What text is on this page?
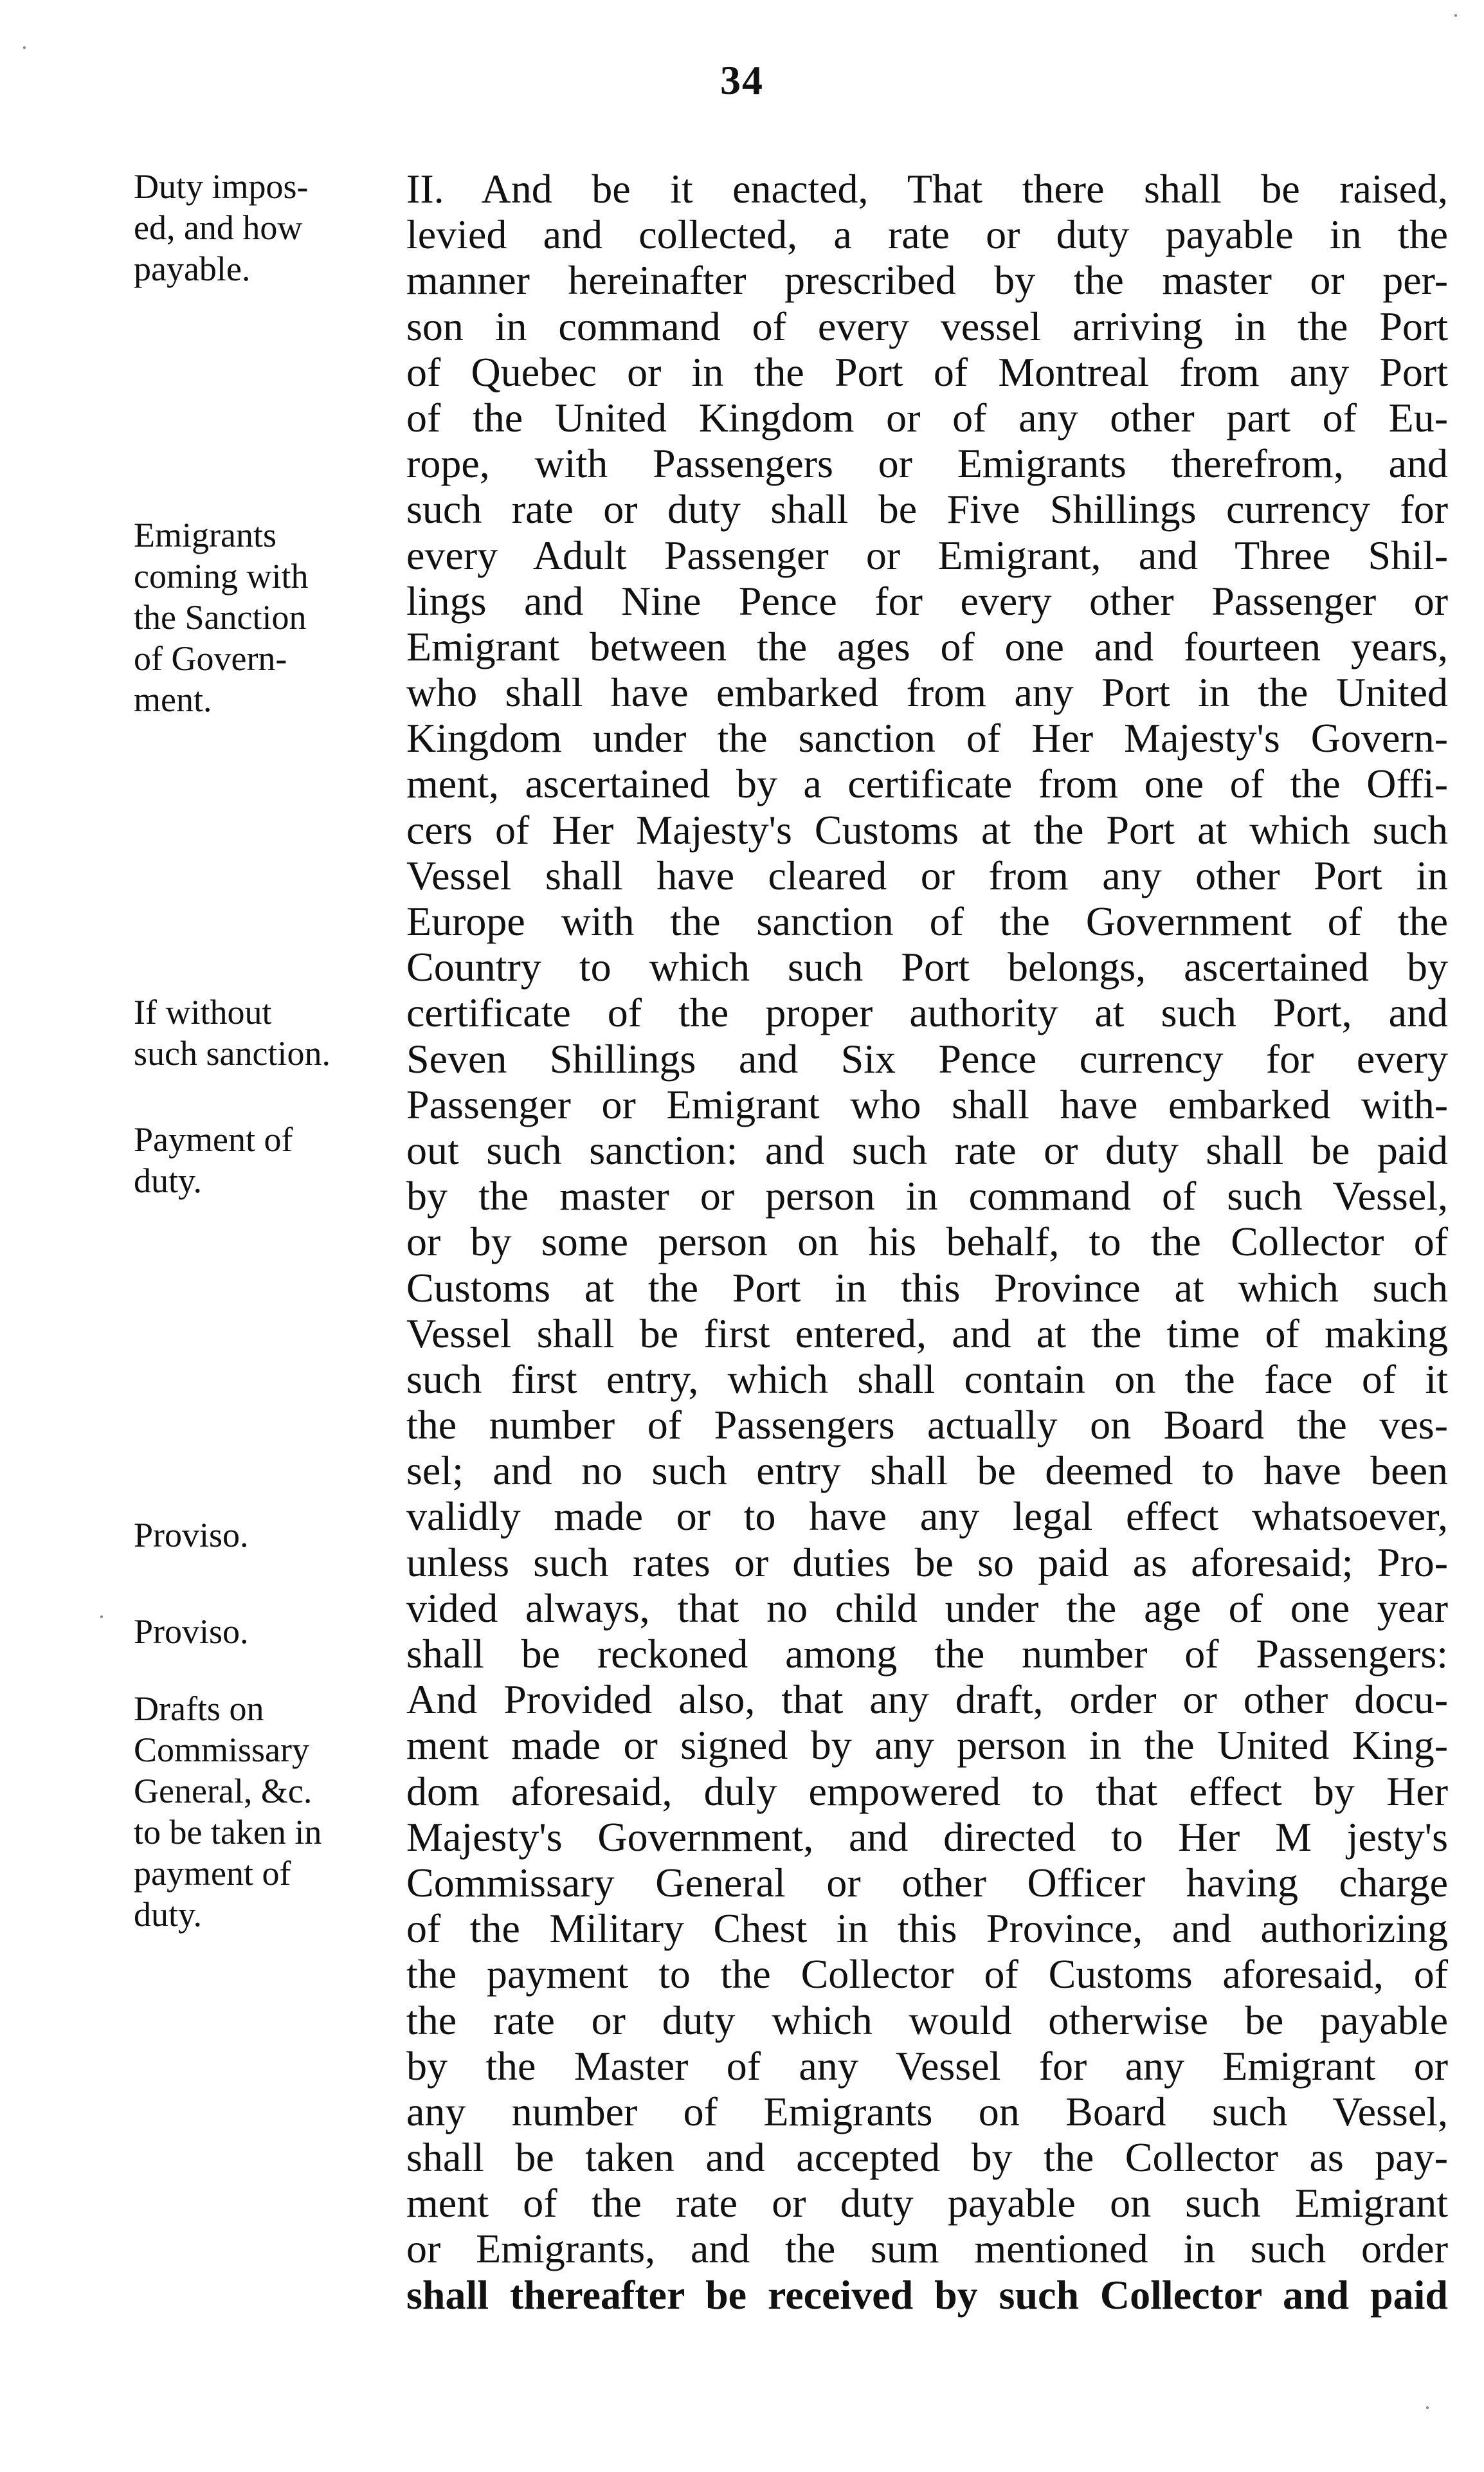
34
Duty impos-
ed, and how
payable.
Emigrants
coming with
the Sanction
of Govern-
ment.
If without
such sanction.
Payment of
duty.
Proviso.
Proviso.
Drafts on
Commissary
General, &c.
to be taken in
payment of
duty.
II. And be it enacted, That there shall be raised,
levied and collected, a rate or duty payable in the
manner hereinafter prescribed by the master or per-
son in command of every vessel arriving in the Port
of Quebec or in the Port of Montreal from any Port
of the United Kingdom or of any other part of Eu-
rope, with Passengers or Emigrants therefrom, and
such rate or duty shall be Five Shillings currency for
every Adult Passenger or Emigrant, and Three Shil-
lings and Nine Pence for every other Passenger or
Emigrant between the ages of one and fourteen years,
who shall have embarked from any Port in the United
Kingdom under the sanction of Her Majesty's Govern-
ment, ascertained by a certificate from one of the Offi-
cers of Her Majesty's Customs at the Port at which such
Vessel shall have cleared or from any other Port in
Europe with the sanction of the Government of the
Country to which such Port belongs, ascertained by
certificate of the proper authority at such Port, and
Seven Shillings and Six Pence currency for every
Passenger or Emigrant who shall have embarked with-
out such sanction: and such rate or duty shall be paid
by the master or person in command of such Vessel,
or by some person on his behalf, to the Collector of
Customs at the Port in this Province at which such
Vessel shall be first entered, and at the time of making
such first entry, which shall contain on the face of it
the number of Passengers actually on Board the ves-
sel; and no such entry shall be deemed to have been
validly made or to have any legal effect whatsoever,
unless such rates or duties be so paid as aforesaid; Pro-
vided always, that no child under the age of one year
shall be reckoned among the number of Passengers:
And Provided also, that any draft, order or other docu-
ment made or signed by any person in the United King-
dom aforesaid, duly empowered to that effect by Her
Majesty's Government, and directed to Her M jesty's
Commissary General or other Officer having charge
of the Military Chest in this Province, and authorizing
the payment to the Collector of Customs aforesaid, of
the rate or duty which would otherwise be payable
by the Master of any Vessel for any Emigrant or
any number of Emigrants on Board such Vessel,
shall be taken and accepted by the Collector as pay-
ment of the rate or duty payable on such Emigrant
or Emigrants, and the sum mentioned in such order
shall thereafter be received by such Collector and paid
